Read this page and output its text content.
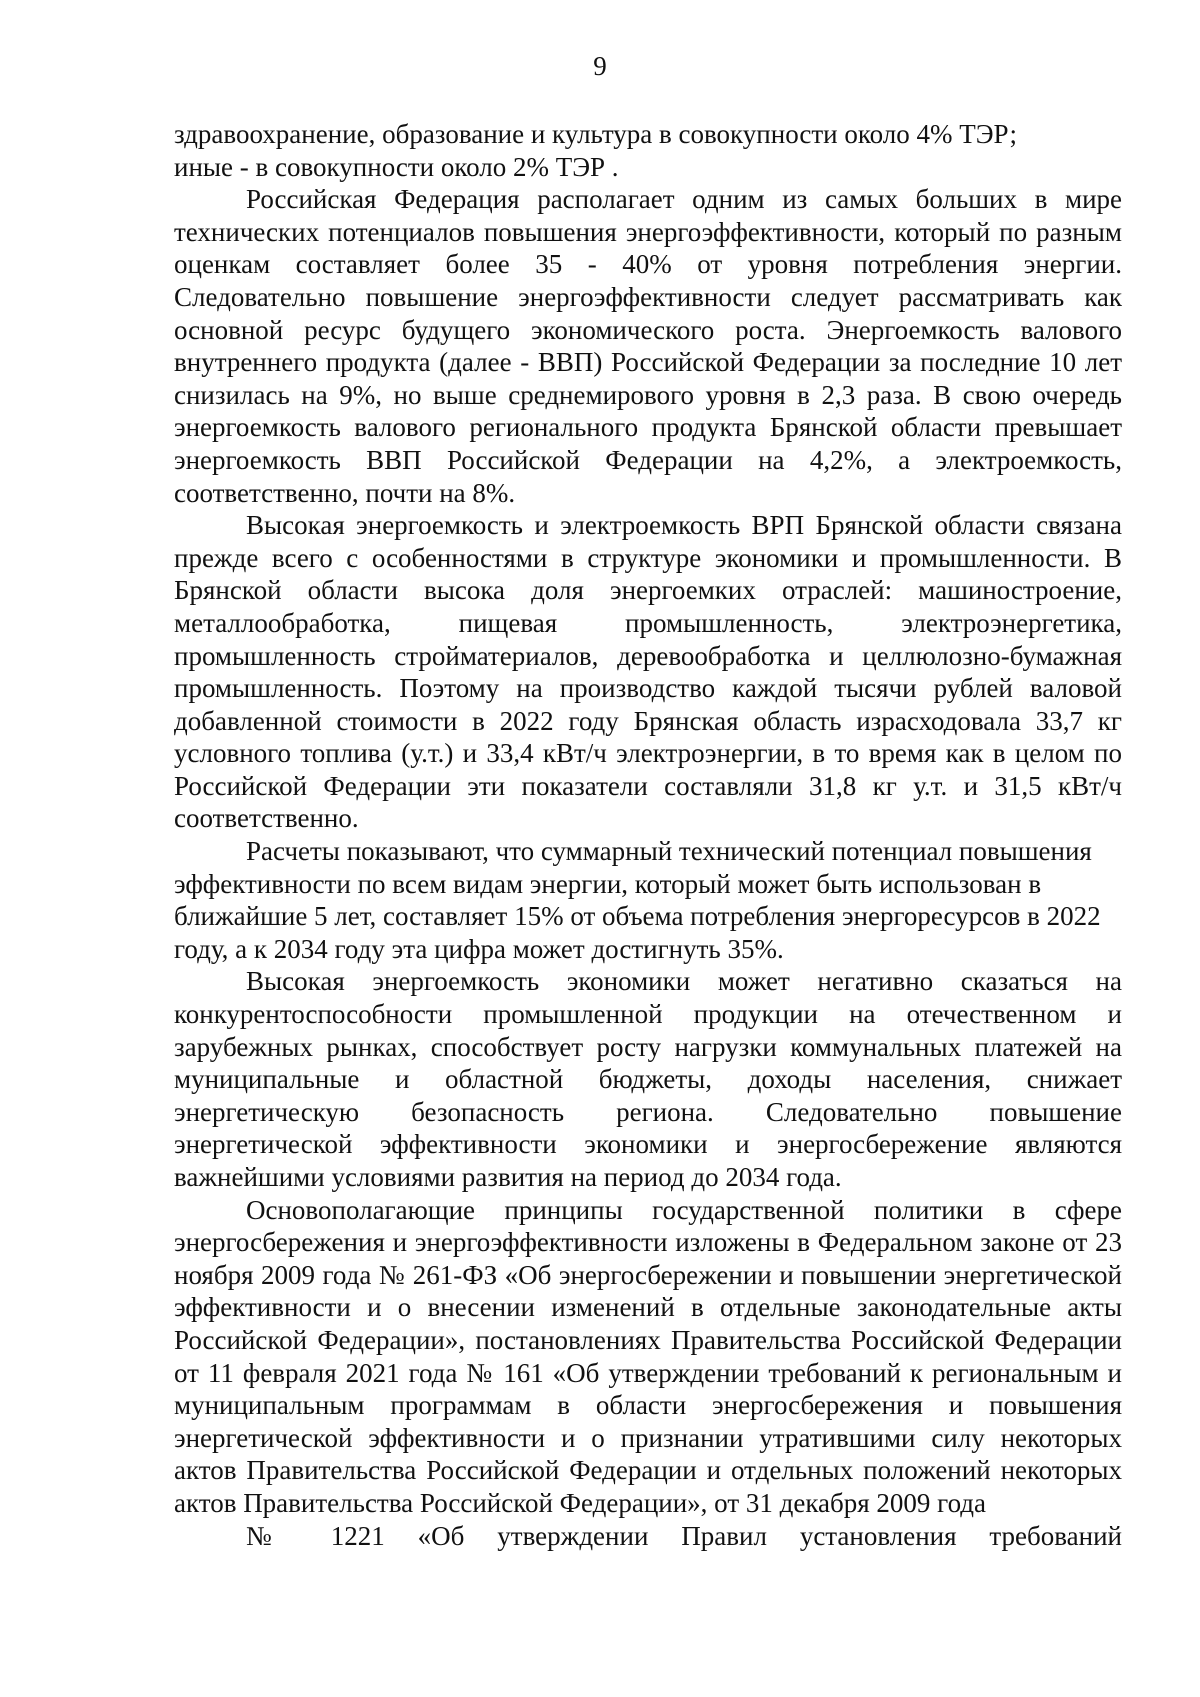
9
здравоохранение, образование и культура в совокупности около 4% ТЭР;
иные - в совокупности около 2% ТЭР .

Российская Федерация располагает одним из самых больших в мире технических потенциалов повышения энергоэффективности, который по разным оценкам составляет более 35 - 40% от уровня потребления энергии. Следовательно повышение энергоэффективности следует рассматривать как основной ресурс будущего экономического роста. Энергоемкость валового внутреннего продукта (далее - ВВП) Российской Федерации за последние 10 лет снизилась на 9%, но выше среднемирового уровня в 2,3 раза. В свою очередь энергоемкость валового регионального продукта Брянской области превышает энергоемкость ВВП Российской Федерации на 4,2%, а электроемкость, соответственно, почти на 8%.

Высокая энергоемкость и электроемкость ВРП Брянской области связана прежде всего с особенностями в структуре экономики и промышленности. В Брянской области высока доля энергоемких отраслей: машиностроение, металлообработка, пищевая промышленность, электроэнергетика, промышленность стройматериалов, деревообработка и целлюлозно-бумажная промышленность. Поэтому на производство каждой тысячи рублей валовой добавленной стоимости в 2022 году Брянская область израсходовала 33,7 кг условного топлива (у.т.) и 33,4 кВт/ч электроэнергии, в то время как в целом по Российской Федерации эти показатели составляли 31,8 кг у.т. и 31,5 кВт/ч соответственно.

Расчеты показывают, что суммарный технический потенциал повышения эффективности по всем видам энергии, который может быть использован в ближайшие 5 лет, составляет 15% от объема потребления энергоресурсов в 2022 году, а к 2034 году эта цифра может достигнуть 35%.

Высокая энергоемкость экономики может негативно сказаться на конкурентоспособности промышленной продукции на отечественном и зарубежных рынках, способствует росту нагрузки коммунальных платежей на муниципальные и областной бюджеты, доходы населения, снижает энергетическую безопасность региона. Следовательно повышение энергетической эффективности экономики и энергосбережение являются важнейшими условиями развития на период до 2034 года.

Основополагающие принципы государственной политики в сфере энергосбережения и энергоэффективности изложены в Федеральном законе от 23 ноября 2009 года № 261-ФЗ «Об энергосбережении и повышении энергетической эффективности и о внесении изменений в отдельные законодательные акты Российской Федерации», постановлениях Правительства Российской Федерации от 11 февраля 2021 года № 161 «Об утверждении требований к региональным и муниципальным программам в области энергосбережения и повышения энергетической эффективности и о признании утратившими силу некоторых актов Правительства Российской Федерации и отдельных положений некоторых актов Правительства Российской Федерации», от 31 декабря 2009 года

№ 1221 «Об утверждении Правил установления требований
